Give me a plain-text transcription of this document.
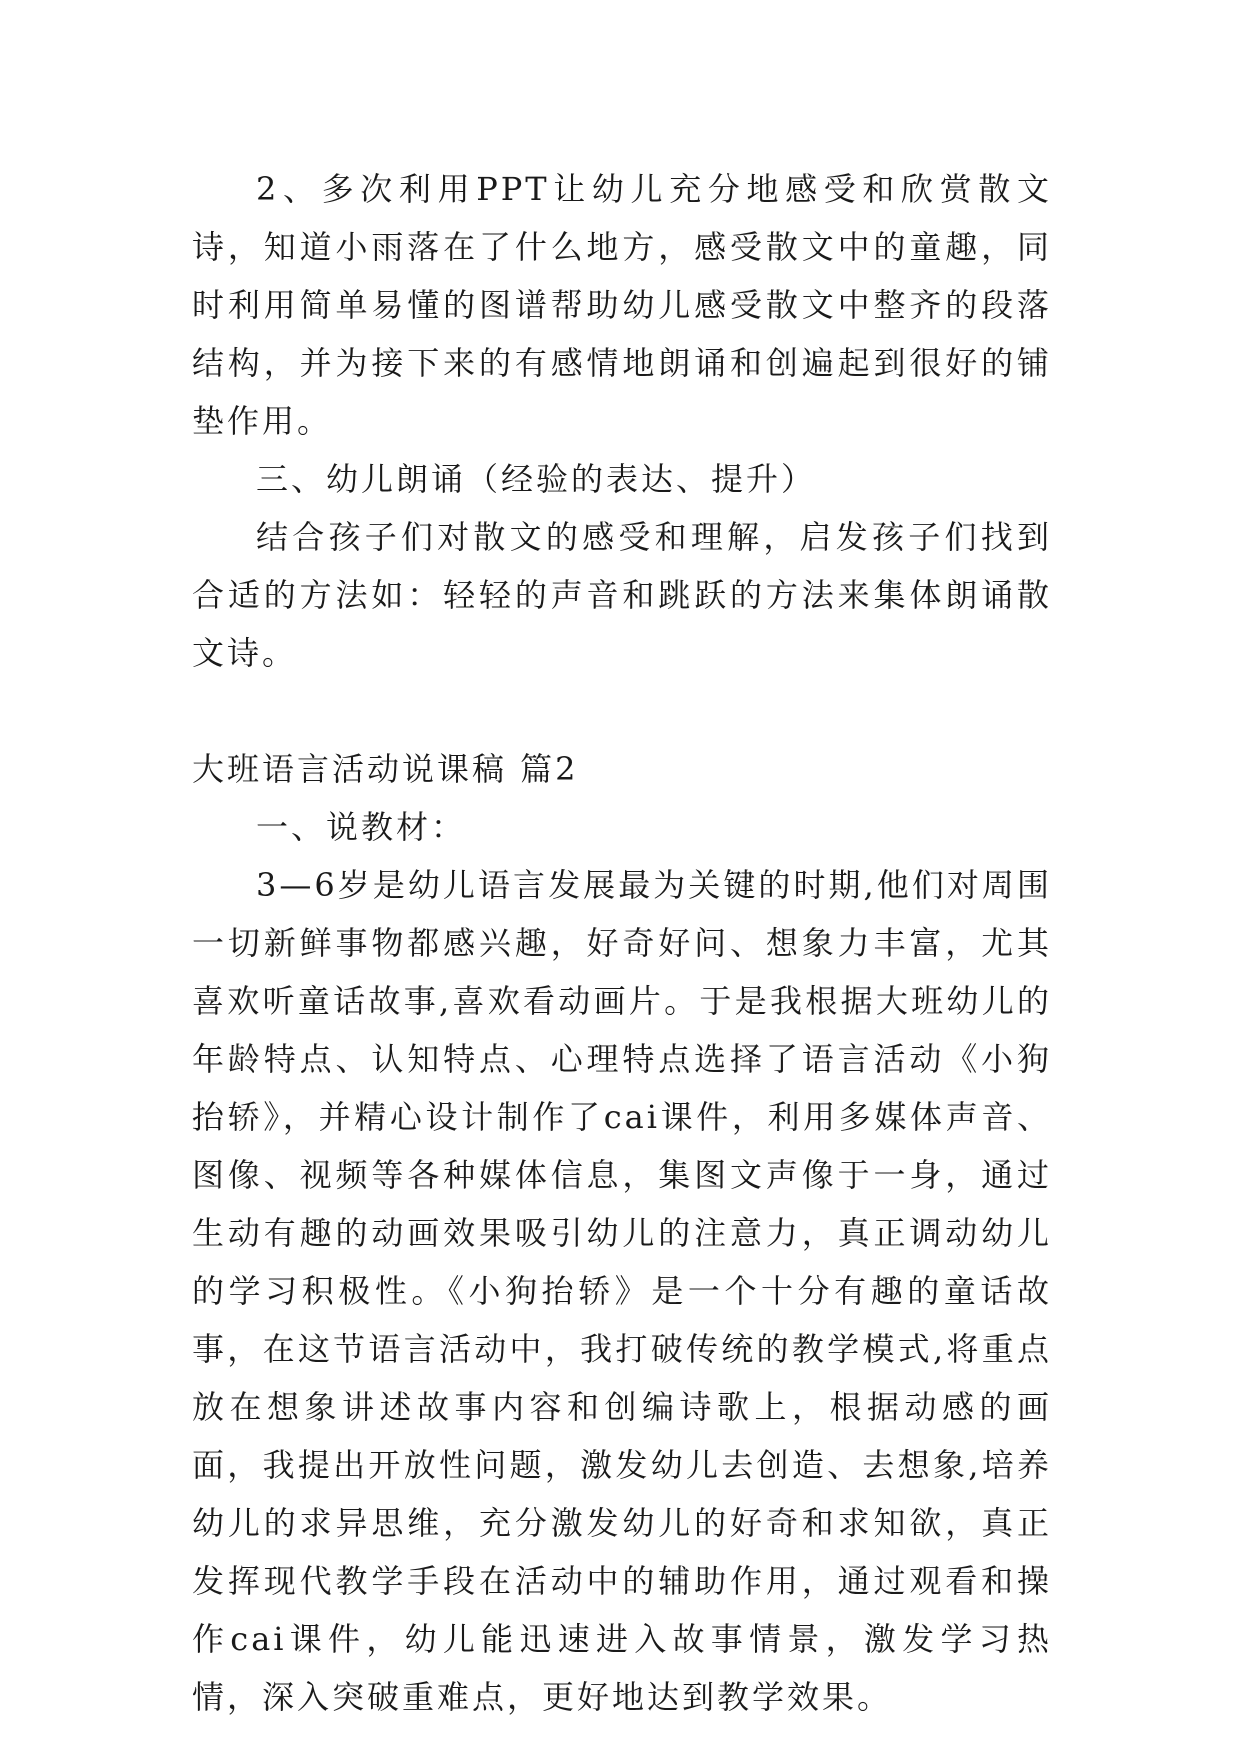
2、多次利用PPT让幼儿充分地感受和欣赏散文诗，知道小雨落在了什么地方，感受散文中的童趣，同时利用简单易懂的图谱帮助幼儿感受散文中整齐的段落结构，并为接下来的有感情地朗诵和创遍起到很好的铺垫作用。

三、幼儿朗诵（经验的表达、提升）

结合孩子们对散文的感受和理解，启发孩子们找到合适的方法如：轻轻的声音和跳跃的方法来集体朗诵散文诗。

大班语言活动说课稿 篇2

一、说教材：

3—6岁是幼儿语言发展最为关键的时期,他们对周围一切新鲜事物都感兴趣，好奇好问、想象力丰富，尤其喜欢听童话故事,喜欢看动画片。于是我根据大班幼儿的年龄特点、认知特点、心理特点选择了语言活动《小狗抬轿》，并精心设计制作了cai课件，利用多媒体声音、图像、视频等各种媒体信息，集图文声像于一身，通过生动有趣的动画效果吸引幼儿的注意力，真正调动幼儿的学习积极性。《小狗抬轿》是一个十分有趣的童话故事，在这节语言活动中，我打破传统的教学模式,将重点放在想象讲述故事内容和创编诗歌上，根据动感的画面，我提出开放性问题，激发幼儿去创造、去想象,培养幼儿的求异思维，充分激发幼儿的好奇和求知欲，真正发挥现代教学手段在活动中的辅助作用，通过观看和操作cai课件，幼儿能迅速进入故事情景，激发学习热情，深入突破重难点，更好地达到教学效果。
